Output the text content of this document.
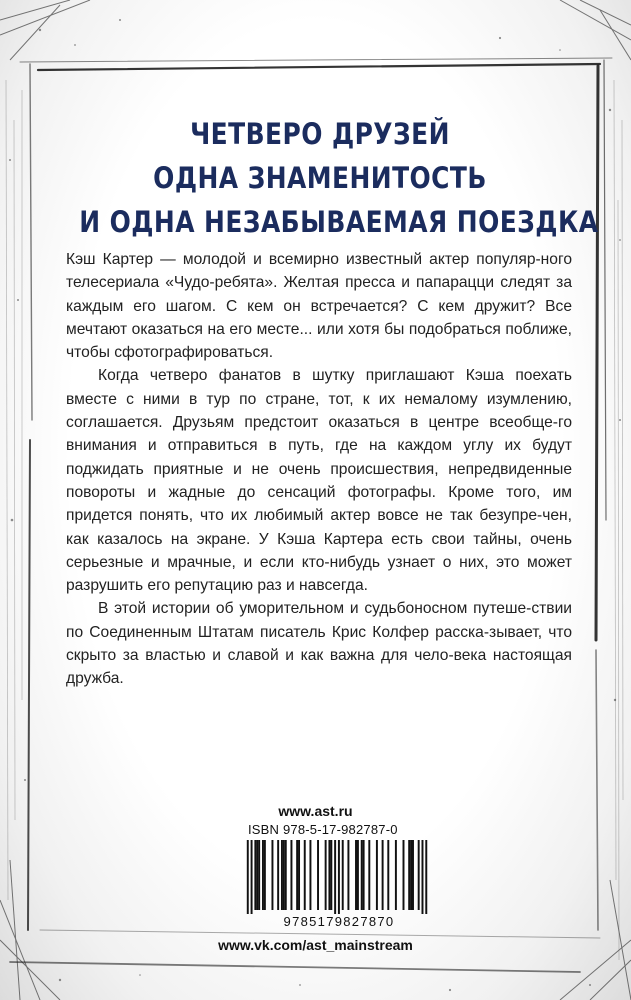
ЧЕТВЕРО ДРУЗЕЙ
ОДНА ЗНАМЕНИТОСТЬ
И ОДНА НЕЗАБЫВАЕМАЯ ПОЕЗДКА

Кэш Картер — молодой и всемирно известный актер популяр-ного телесериала «Чудо-ребята». Желтая пресса и папарацци следят за каждым его шагом. С кем он встречается? С кем дружит? Все мечтают оказаться на его месте... или хотя бы подобраться поближе, чтобы сфотографироваться.

Когда четверо фанатов в шутку приглашают Кэша поехать вместе с ними в тур по стране, тот, к их немалому изумлению, соглашается. Друзьям предстоит оказаться в центре всеобще-го внимания и отправиться в путь, где на каждом углу их будут поджидать приятные и не очень происшествия, непредвиденные повороты и жадные до сенсаций фотографы. Кроме того, им придется понять, что их любимый актер вовсе не так безупре-чен, как казалось на экране. У Кэша Картера есть свои тайны, очень серьезные и мрачные, и если кто-нибудь узнает о них, это может разрушить его репутацию раз и навсегда.

В этой истории об уморительном и судьбоносном путеше-ствии по Соединенным Штатам писатель Крис Колфер расска-зывает, что скрыто за властью и славой и как важна для чело-века настоящая дружба.

www.ast.ru
ISBN 978-5-17-982787-0
9785179827870
www.vk.com/ast_mainstream
